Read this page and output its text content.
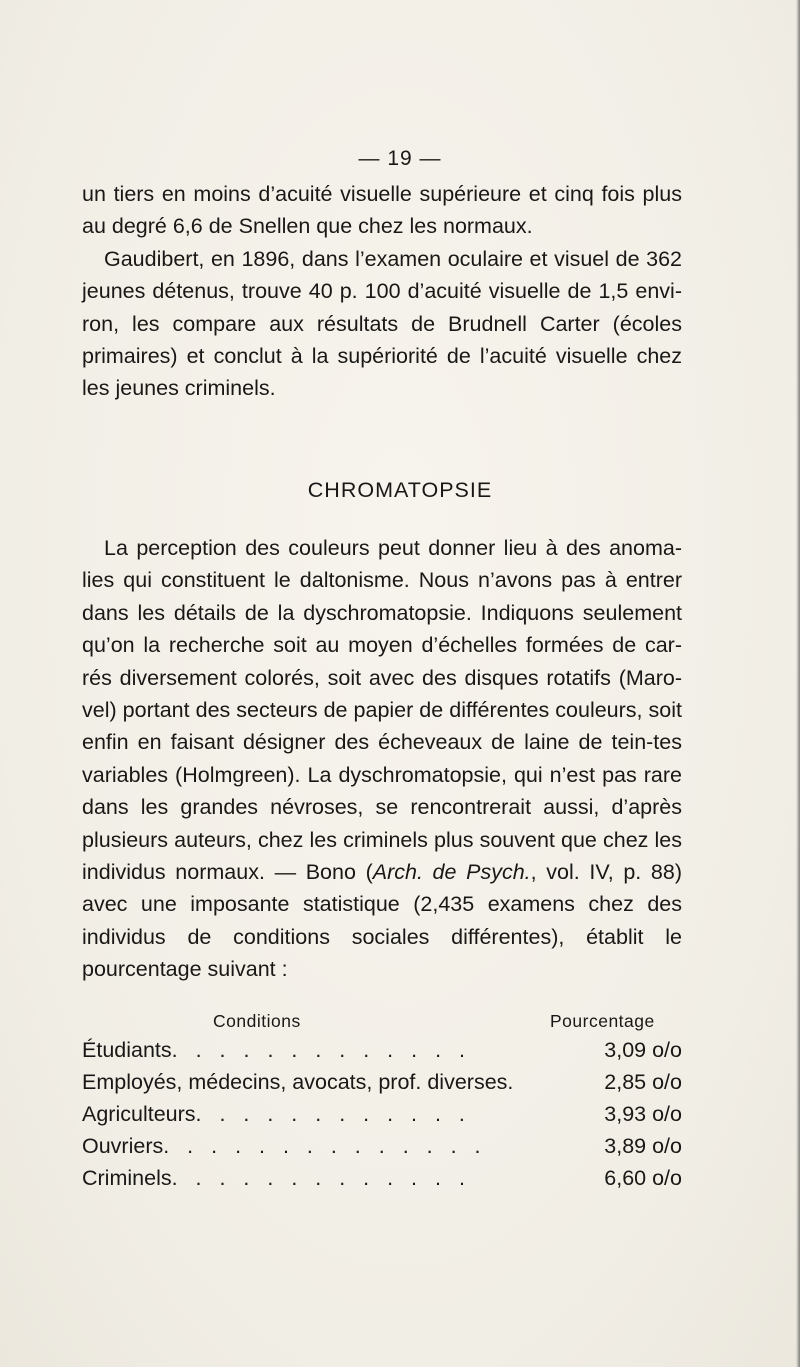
— 19 —

un tiers en moins d’acuité visuelle supérieure et cinq fois plus au degré 6,6 de Snellen que chez les normaux.

Gaudibert, en 1896, dans l’examen oculaire et visuel de 362 jeunes détenus, trouve 40 p. 100 d’acuité visuelle de 1,5 envi-ron, les compare aux résultats de Brudnell Carter (écoles primaires) et conclut à la supériorité de l’acuité visuelle chez les jeunes criminels.

CHROMATOPSIE

La perception des couleurs peut donner lieu à des anoma-lies qui constituent le daltonisme. Nous n’avons pas à entrer dans les détails de la dyschromatopsie. Indiquons seulement qu’on la recherche soit au moyen d’échelles formées de car-rés diversement colorés, soit avec des disques rotatifs (Maro-vel) portant des secteurs de papier de différentes couleurs, soit enfin en faisant désigner des écheveaux de laine de tein-tes variables (Holmgreen). La dyschromatopsie, qui n’est pas rare dans les grandes névroses, se rencontrerait aussi, d’après plusieurs auteurs, chez les criminels plus souvent que chez les individus normaux. — Bono (Arch. de Psych., vol. IV, p. 88) avec une imposante statistique (2,435 examens chez des individus de conditions sociales différentes), établit le pourcentage suivant :

Conditions	Pourcentage
Étudiants. . . . . . . . . . . . .	3,09 o/o
Employés, médecins, avocats, prof. diverses.	2,85 o/o
Agriculteurs. . . . . . . . . . . .	3,93 o/o
Ouvriers. . . . . . . . . . . . . .	3,89 o/o
Criminels. . . . . . . . . . . . .	6,60 o/o
